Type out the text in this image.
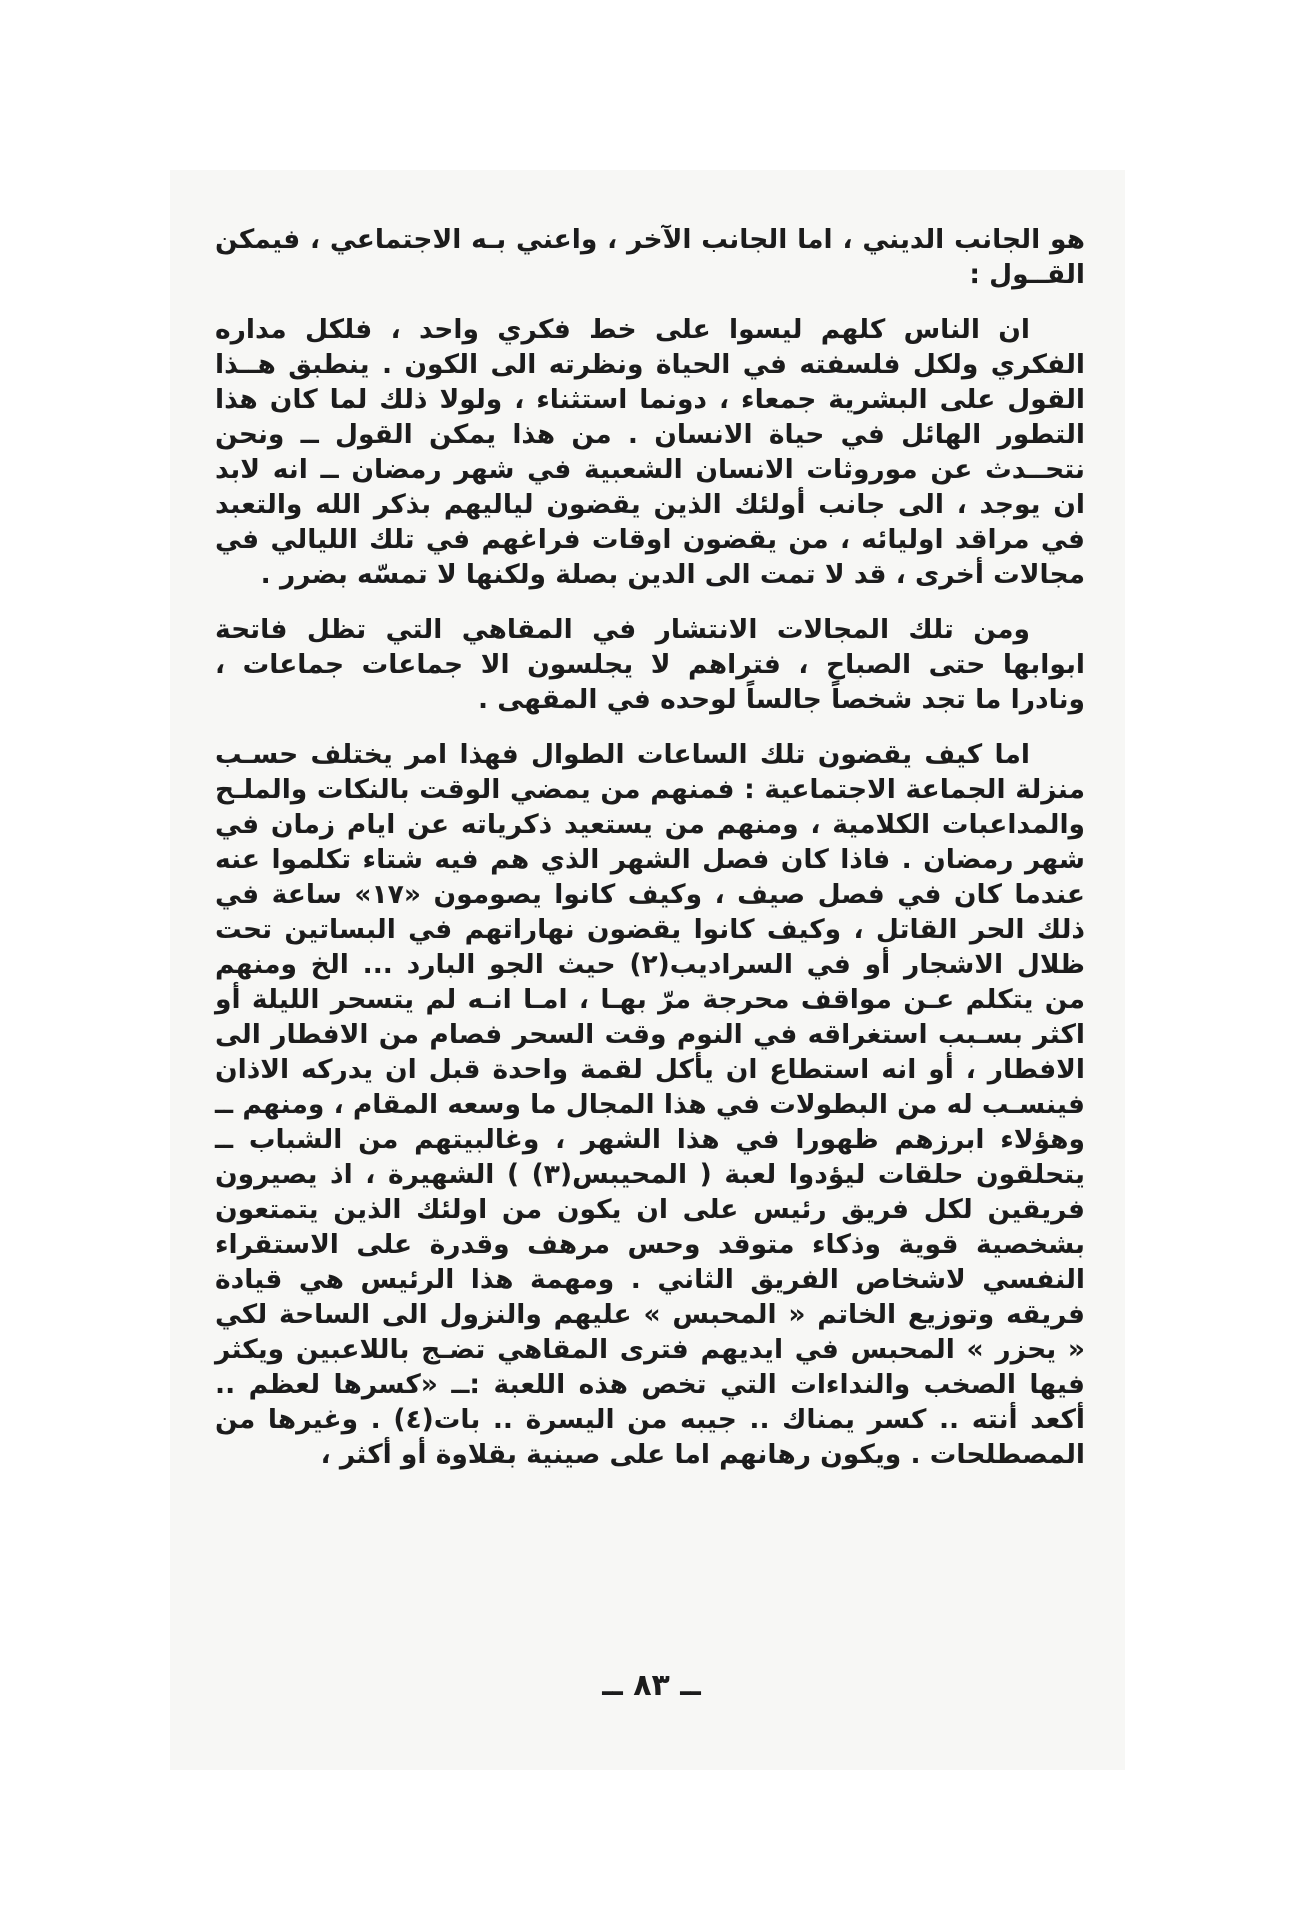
هو الجانب الديني ، اما الجانب الآخر ، واعني بـه الاجتماعي ، فيمكن القــول :

ان الناس كلهم ليسوا على خط فكري واحد ، فلكل مداره الفكري ولكل فلسفته في الحياة ونظرته الى الكون . ينطبق هــذا القول على البشرية جمعاء ، دونما استثناء ، ولولا ذلك لما كان هذا التطور الهائل في حياة الانسان . من هذا يمكن القول ــ ونحن نتحــدث عن موروثات الانسان الشعبية في شهر رمضان ــ انه لابد ان يوجد ، الى جانب أولئك الذين يقضون لياليهم بذكر الله والتعبد في مراقد اوليائه ، من يقضون اوقات فراغهم في تلك الليالي في مجالات أخرى ، قد لا تمت الى الدين بصلة ولكنها لا تمسّه بضرر .

ومن تلك المجالات الانتشار في المقاهي التي تظل فاتحة ابوابها حتى الصباح ، فتراهم لا يجلسون الا جماعات جماعات ، ونادرا ما تجد شخصاً جالساً لوحده في المقهى .

اما كيف يقضون تلك الساعات الطوال فهذا امر يختلف حسـب منزلة الجماعة الاجتماعية : فمنهم من يمضي الوقت بالنكات والملـح والمداعبات الكلامية ، ومنهم من يستعيد ذكرياته عن ايام زمان في شهر رمضان . فاذا كان فصل الشهر الذي هم فيه شتاء تكلموا عنه عندما كان في فصل صيف ، وكيف كانوا يصومون «١٧» ساعة في ذلك الحر القاتل ، وكيف كانوا يقضون نهاراتهم في البساتين تحت ظلال الاشجار أو في السراديب(٢) حيث الجو البارد ... الخ ومنهم من يتكلم عـن مواقف محرجة مرّ بهـا ، امـا انـه لم يتسحر الليلة أو اكثر بسـبب استغراقه في النوم وقت السحر فصام من الافطار الى الافطار ، أو انه استطاع ان يأكل لقمة واحدة قبل ان يدركه الاذان فينسـب له من البطولات في هذا المجال ما وسعه المقام ، ومنهم ــ وهؤلاء ابرزهم ظهورا في هذا الشهر ، وغالبيتهم من الشباب ــ يتحلقون حلقات ليؤدوا لعبة ( المحيبس(٣) ) الشهيرة ، اذ يصيرون فريقين لكل فريق رئيس على ان يكون من اولئك الذين يتمتعون بشخصية قوية وذكاء متوقد وحس مرهف وقدرة على الاستقراء النفسي لاشخاص الفريق الثاني . ومهمة هذا الرئيس هي قيادة فريقه وتوزيع الخاتم « المحبس » عليهم والنزول الى الساحة لكي « يحزر » المحبس في ايديهم فترى المقاهي تضـج باللاعبين ويكثر فيها الصخب والنداءات التي تخص هذه اللعبة :ــ «كسرها لعظم .. أكعد أنته .. كسر يمناك .. جيبه من اليسرة .. بات(٤) . وغيرها من المصطلحات . ويكون رهانهم اما على صينية بقلاوة أو أكثر ،

ــ ٨٣ ــ
